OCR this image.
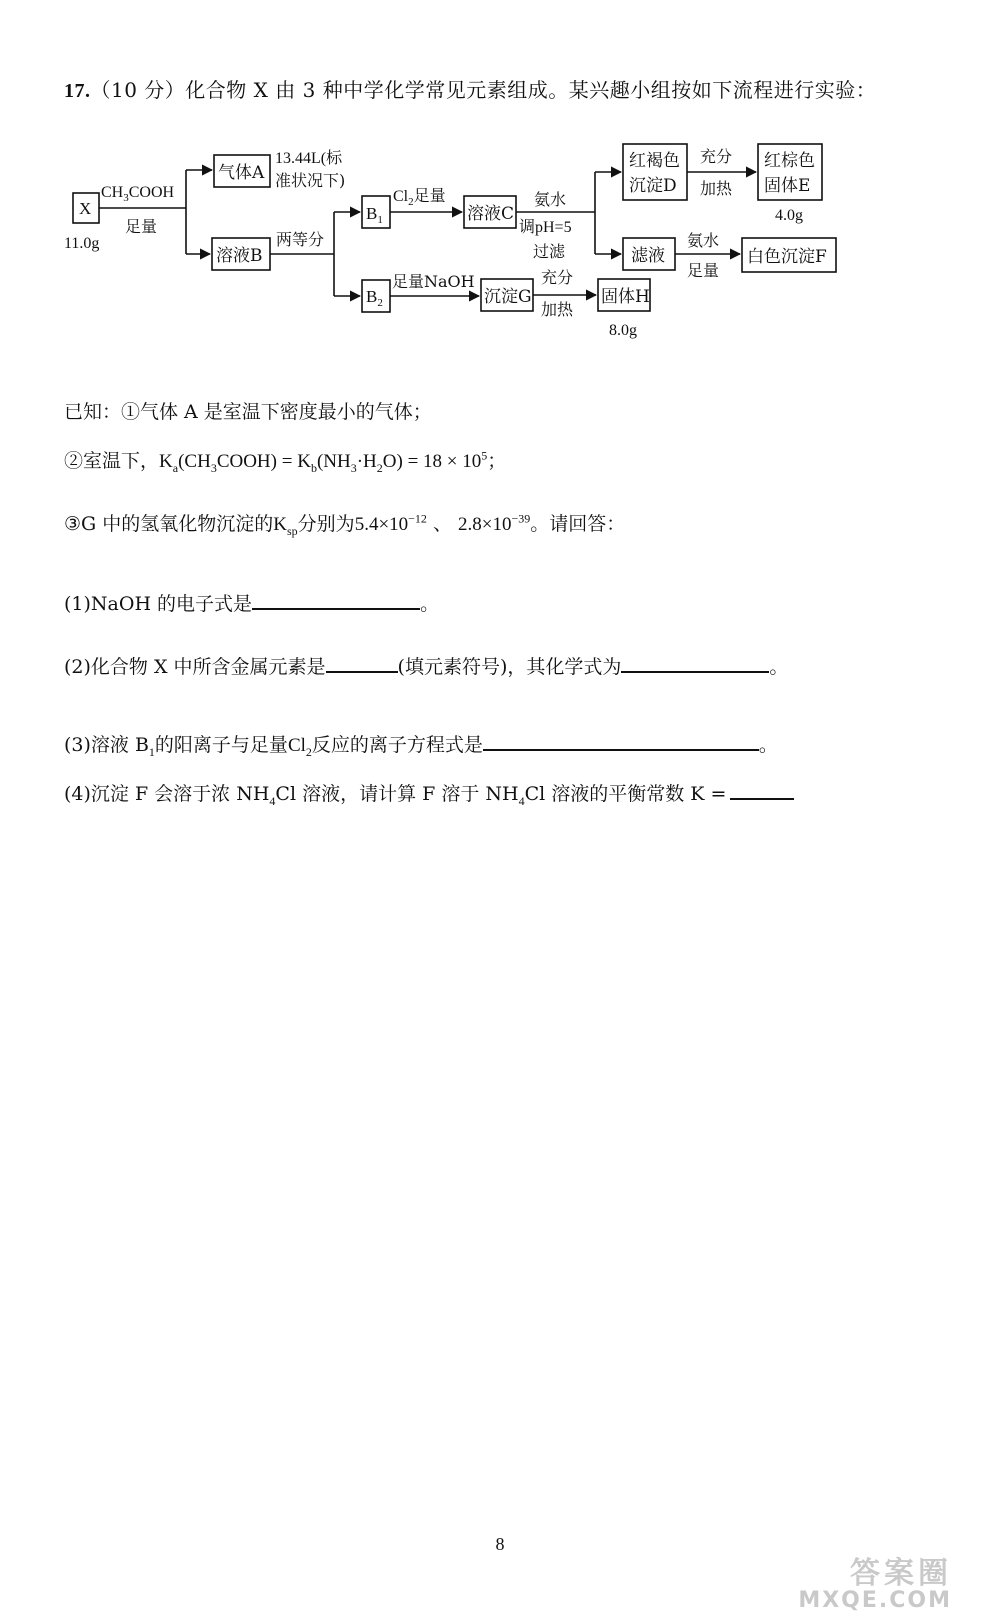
17.（10 分）化合物 X 由 3 种中学化学常见元素组成。某兴趣小组按如下流程进行实验：
X
气体A
溶液B
$B_1$
$B_2$
溶液C
沉淀G	固体H
红褐色
沉淀D
红棕色
固体E
滤液	白色沉淀F
11.0g
$CH_3COOH$
足量
13.44L(标
准状况下)
两等分
$Cl_2$足量	氨水
调pH=5
过滤
足量NaOH	充分
加热
充分
加热
氨水
足量
4.0g
8.0g
已知：①气体 A 是室温下密度最小的气体；
②室温下，$K_a(CH_3COOH) = K_b(NH_3\cdot H_2O) = 18 \times 10^5$；
③G 中的氢氧化物沉淀的$K_{sp}$分别为$5.4\times 10^{-12}$ 、 $2.8\times 10^{-39}$。请回答：
(1)NaOH 的电子式是	。
(2)化合物 X 中所含金属元素是	(填元素符号)，其化学式为	。
(3)溶液 $B_1$的阳离子与足量$Cl_2$反应的离子方程式是	。
(4)沉淀 F 会溶于浓 $NH_4Cl$ 溶液，请计算 F 溶于 $NH_4Cl$ 溶液的平衡常数 K =
8
答案圈
MXQE.COM
